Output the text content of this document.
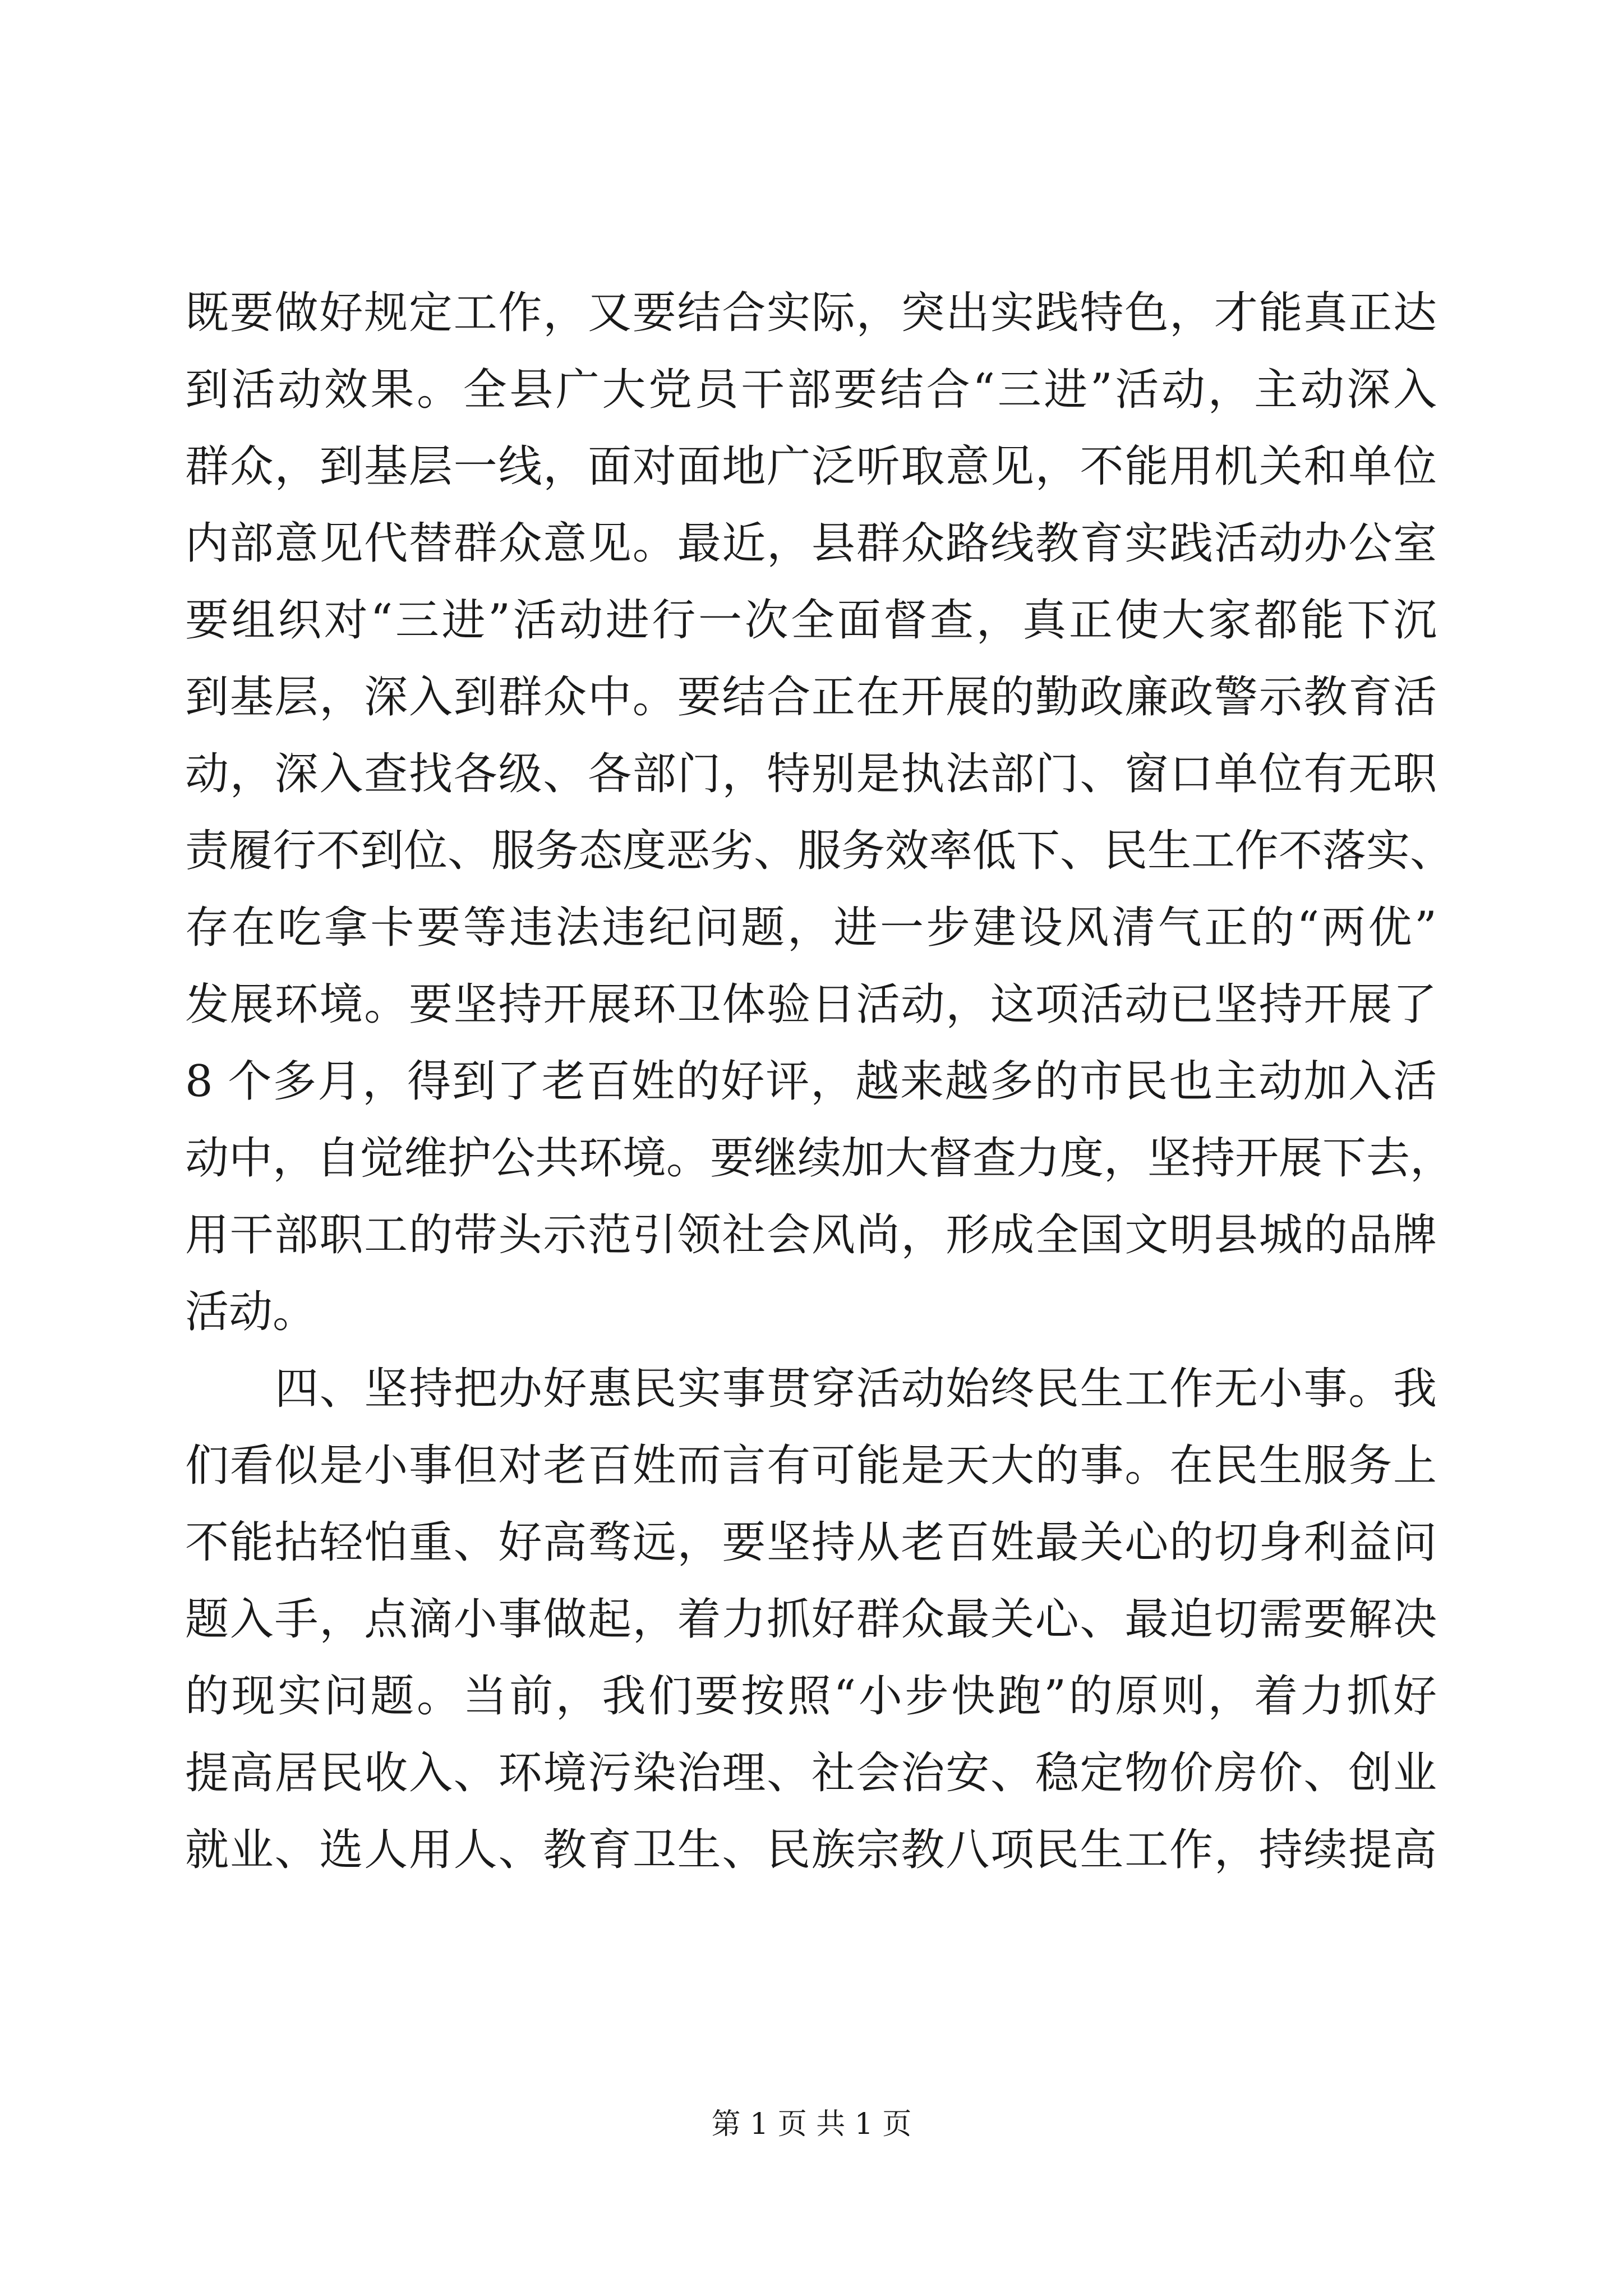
既要做好规定工作，又要结合实际，突出实践特色，才能真正达
到活动效果。全县广大党员干部要结合“三进”活动，主动深入
群众，到基层一线，面对面地广泛听取意见，不能用机关和单位
内部意见代替群众意见。最近，县群众路线教育实践活动办公室
要组织对“三进”活动进行一次全面督查，真正使大家都能下沉
到基层，深入到群众中。要结合正在开展的勤政廉政警示教育活
动，深入查找各级、各部门，特别是执法部门、窗口单位有无职
责履行不到位、服务态度恶劣、服务效率低下、民生工作不落实、
存在吃拿卡要等违法违纪问题，进一步建设风清气正的“两优”
发展环境。要坚持开展环卫体验日活动，这项活动已坚持开展了
8 个多月，得到了老百姓的好评，越来越多的市民也主动加入活
动中，自觉维护公共环境。要继续加大督查力度，坚持开展下去，
用干部职工的带头示范引领社会风尚，形成全国文明县城的品牌
活动。
四、坚持把办好惠民实事贯穿活动始终民生工作无小事。我
们看似是小事但对老百姓而言有可能是天大的事。在民生服务上
不能拈轻怕重、好高骛远，要坚持从老百姓最关心的切身利益问
题入手，点滴小事做起，着力抓好群众最关心、最迫切需要解决
的现实问题。当前，我们要按照“小步快跑”的原则，着力抓好
提高居民收入、环境污染治理、社会治安、稳定物价房价、创业
就业、选人用人、教育卫生、民族宗教八项民生工作，持续提高
第 1 页 共 1 页
